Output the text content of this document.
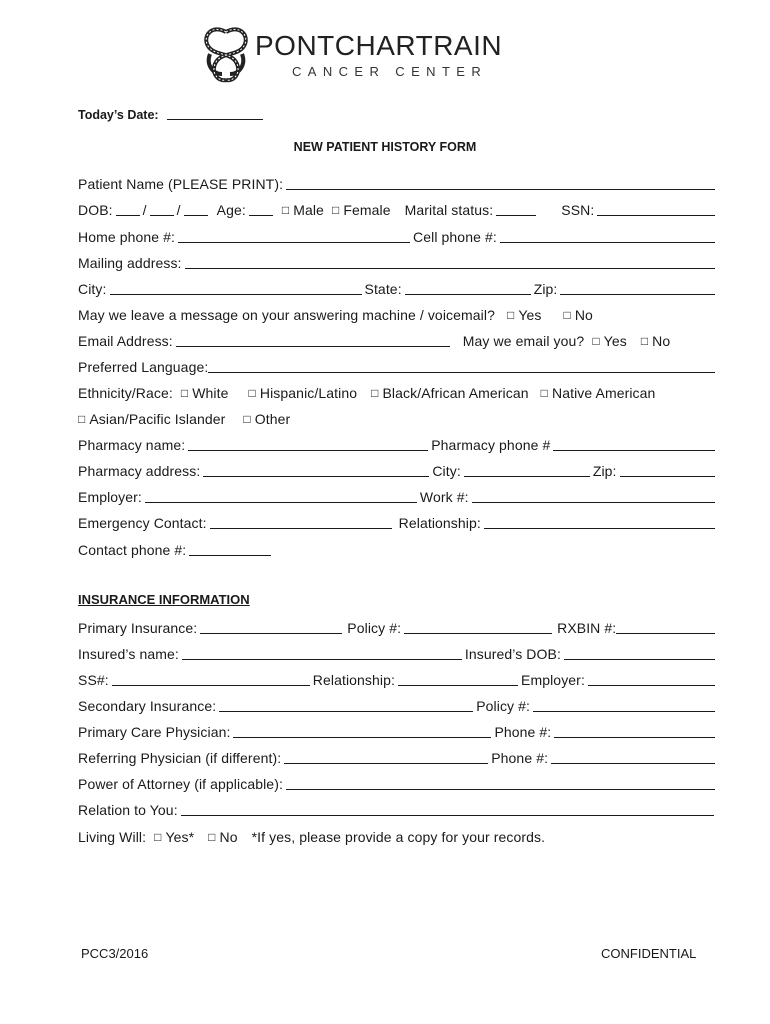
PONTCHARTRAIN
CANCER CENTER
Today’s Date:
NEW PATIENT HISTORY FORM
Patient Name (PLEASE PRINT):
DOB: / /	Age:	□ Male □ Female Marital status:	SSN:
Home phone #:	Cell phone #:
Mailing address:
City:	State:	Zip:
May we leave a message on your answering machine / voicemail? □ Yes □ No
Email Address:	May we email you? □ Yes □ No
Preferred Language:
Ethnicity/Race: □ White □ Hispanic/Latino □ Black/African American □ Native American
□ Asian/Pacific Islander □ Other
Pharmacy name:	Pharmacy phone #
Pharmacy address:	City:	Zip:
Employer:	Work #:
Emergency Contact:	Relationship:
Contact phone #:
INSURANCE INFORMATION
Primary Insurance:	Policy #:	RXBIN #:
Insured’s name:	Insured’s DOB:
SS#:	Relationship:	Employer:
Secondary Insurance:	Policy #:
Primary Care Physician:	Phone #:
Referring Physician (if different):	Phone #:
Power of Attorney (if applicable):
Relation to You:
Living Will: □ Yes* □ No *If yes, please provide a copy for your records.
PCC3/2016	CONFIDENTIAL
